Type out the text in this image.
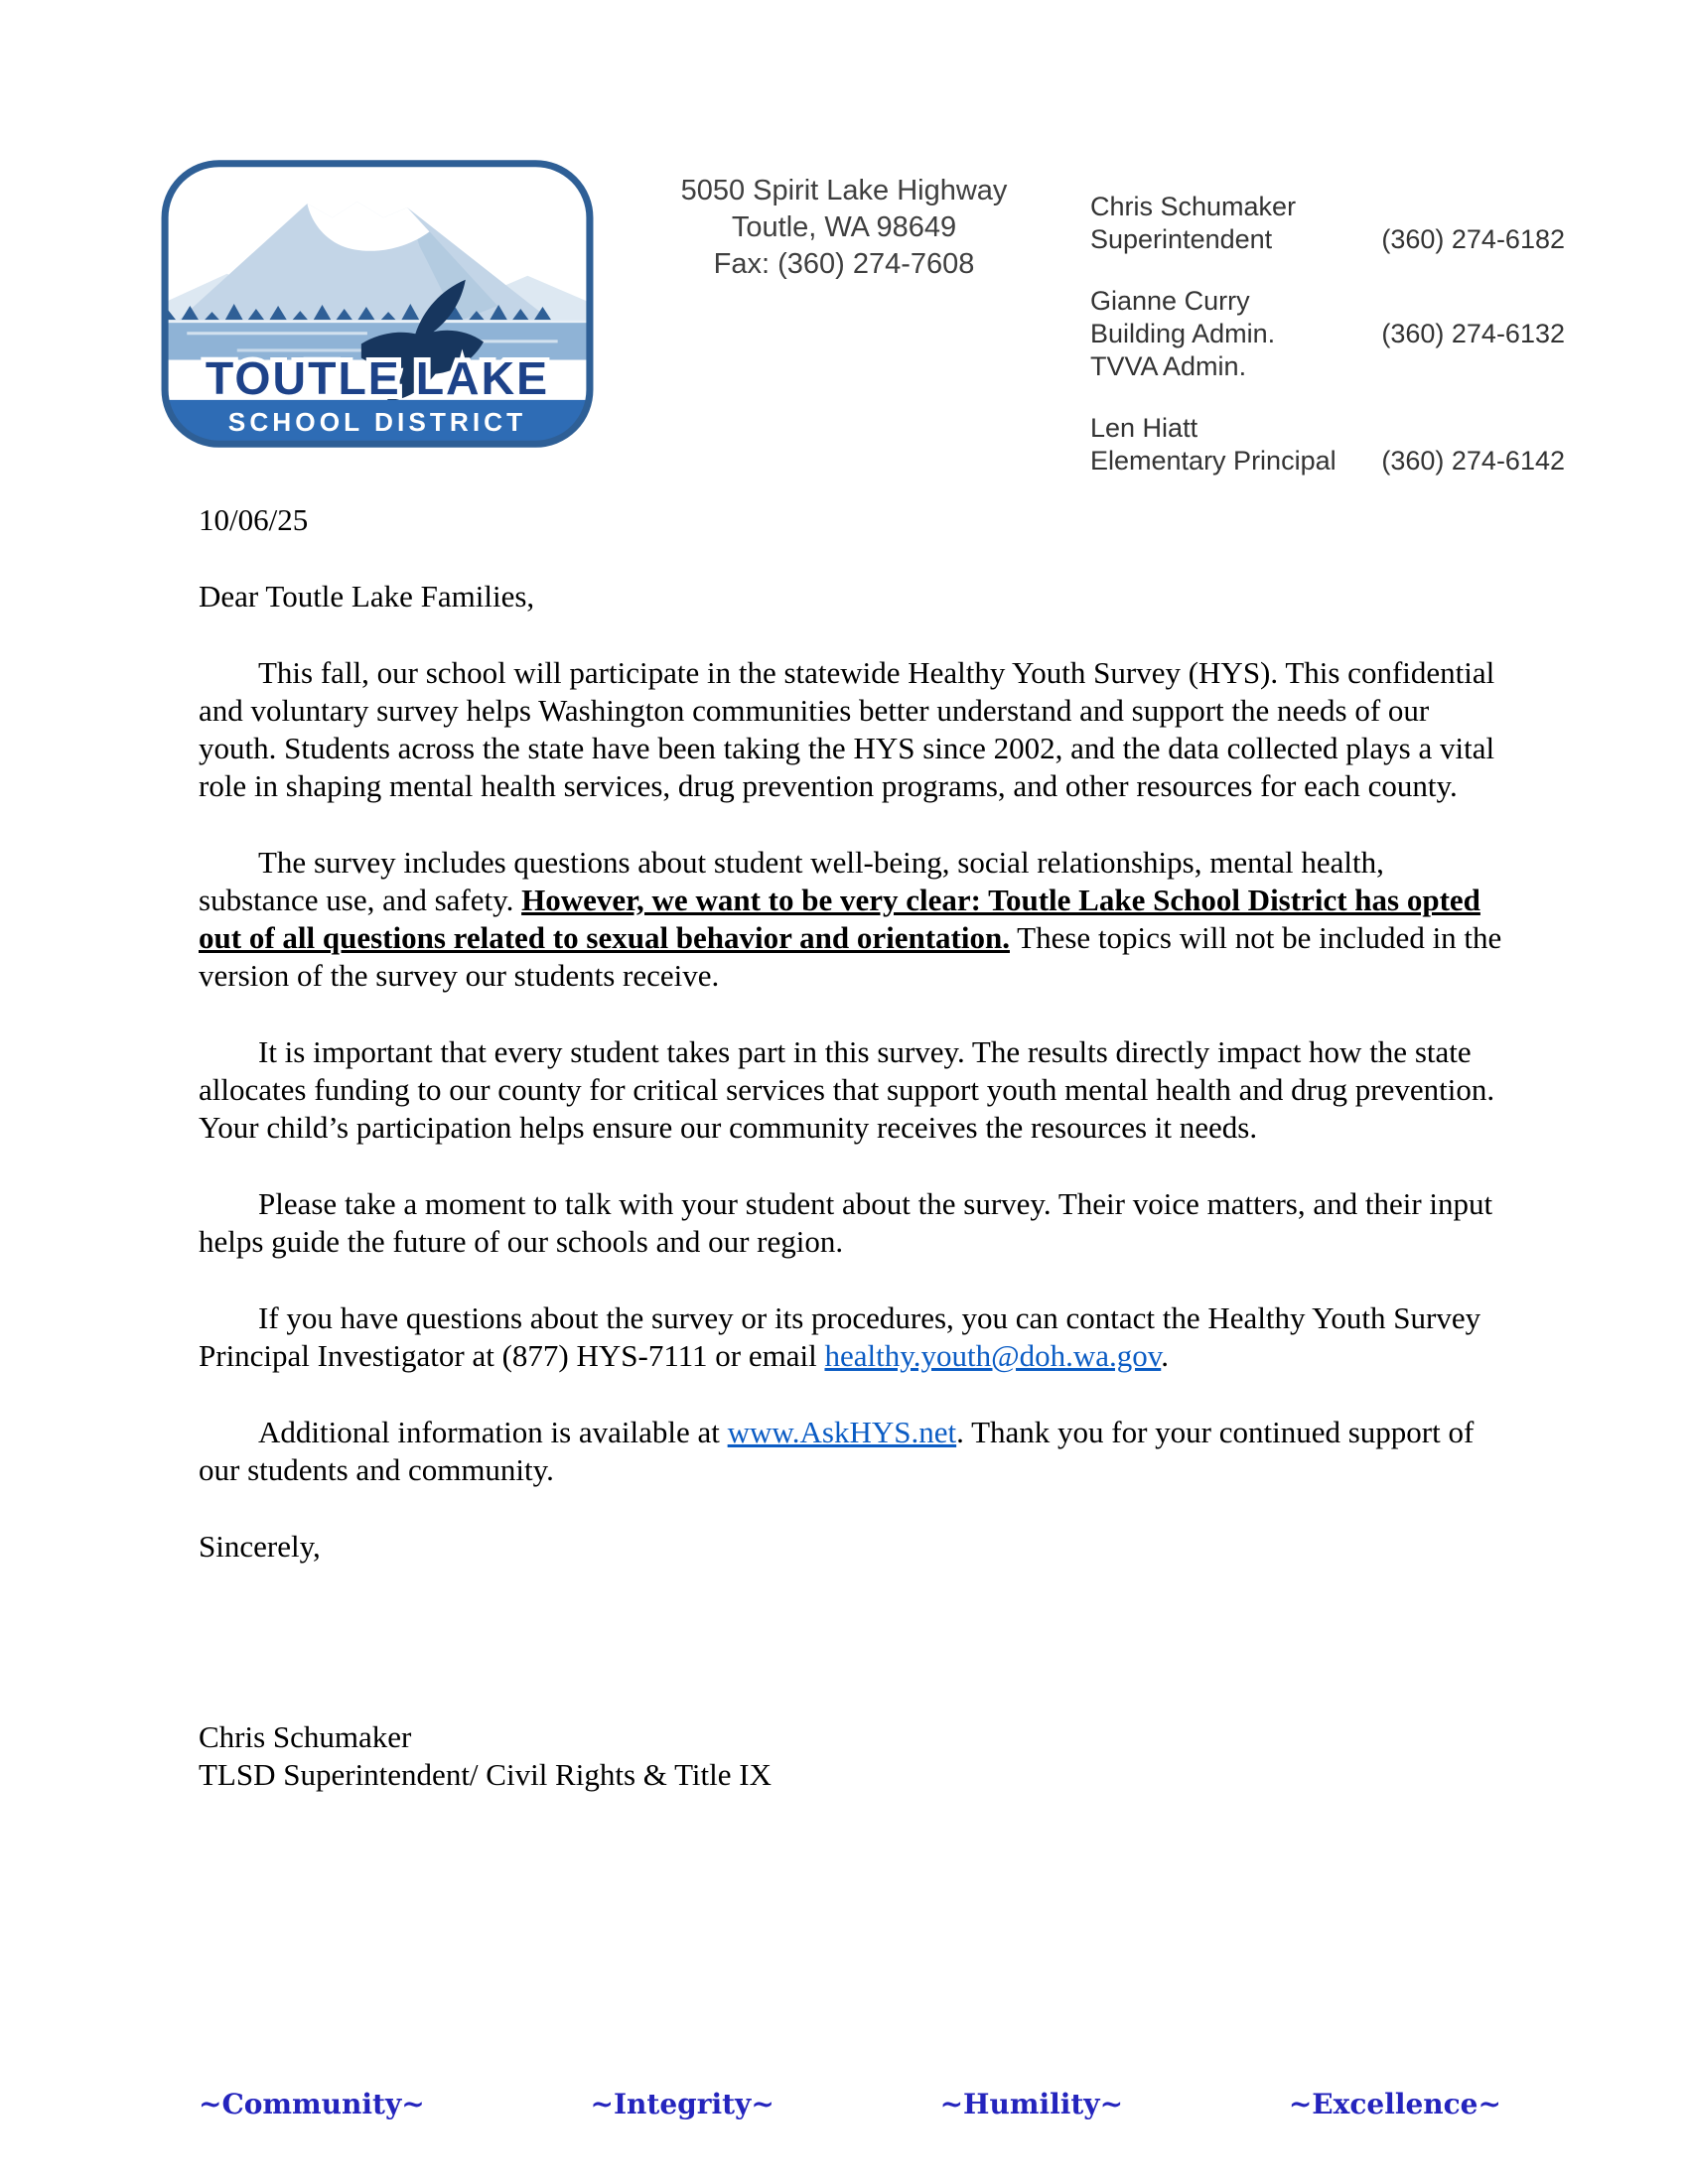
TOUTLE LAKE
SCHOOL DISTRICT
5050 Spirit Lake Highway
Toutle, WA 98649
Fax: (360) 274-7608
Chris Schumaker
Superintendent	(360) 274-6182
Gianne Curry
Building Admin.	(360) 274-6132
TVVA Admin.
Len Hiatt
Elementary Principal	(360) 274-6142

10/06/25

Dear Toutle Lake Families,

This fall, our school will participate in the statewide Healthy Youth Survey (HYS). This confidential and voluntary survey helps Washington communities better understand and support the needs of our youth. Students across the state have been taking the HYS since 2002, and the data collected plays a vital role in shaping mental health services, drug prevention programs, and other resources for each county.

The survey includes questions about student well-being, social relationships, mental health, substance use, and safety. However, we want to be very clear: Toutle Lake School District has opted out of all questions related to sexual behavior and orientation. These topics will not be included in the version of the survey our students receive.

It is important that every student takes part in this survey. The results directly impact how the state allocates funding to our county for critical services that support youth mental health and drug prevention. Your child’s participation helps ensure our community receives the resources it needs.

Please take a moment to talk with your student about the survey. Their voice matters, and their input helps guide the future of our schools and our region.

If you have questions about the survey or its procedures, you can contact the Healthy Youth Survey Principal Investigator at (877) HYS-7111 or email healthy.youth@doh.wa.gov.

Additional information is available at www.AskHYS.net. Thank you for your continued support of our students and community.

Sincerely,

Chris Schumaker

TLSD Superintendent/ Civil Rights & Title IX

~Community~	~Integrity~	~Humility~	~Excellence~
